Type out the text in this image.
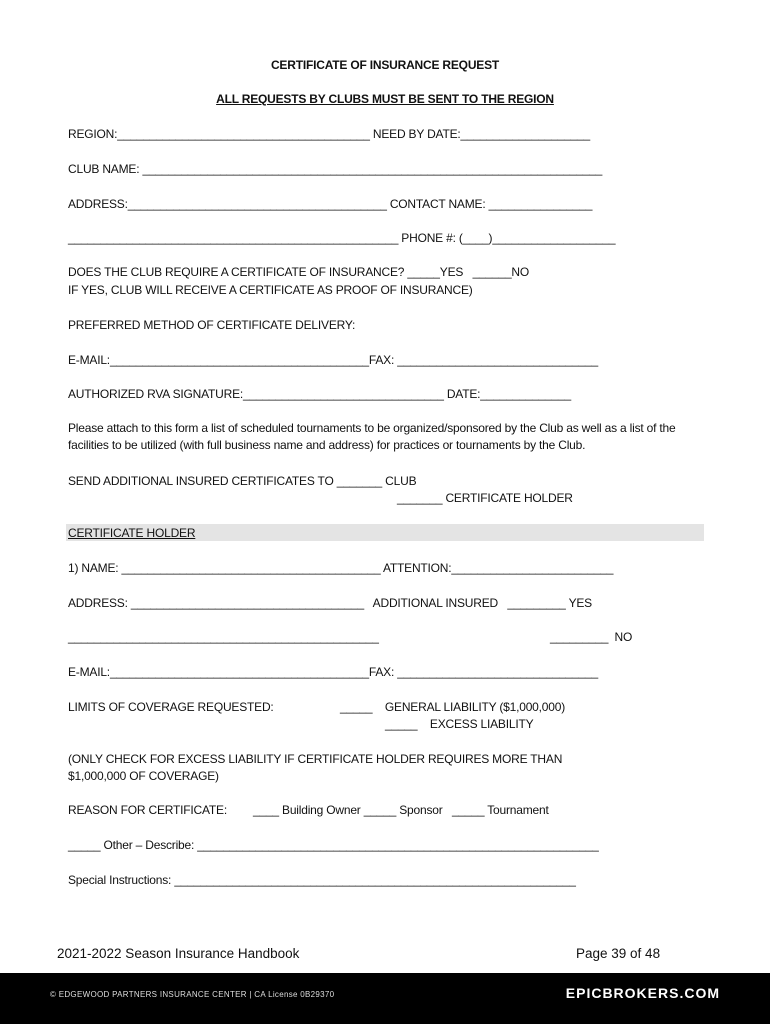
CERTIFICATE OF INSURANCE REQUEST
ALL REQUESTS BY CLUBS MUST BE SENT TO THE REGION
REGION:_______________________________________ NEED BY DATE:____________________
CLUB NAME: _______________________________________________________________________
ADDRESS:________________________________________ CONTACT NAME: ________________
___________________________________________________ PHONE #: (____)___________________
DOES THE CLUB REQUIRE A CERTIFICATE OF INSURANCE? _____YES   ______NO
IF YES, CLUB WILL RECEIVE A CERTIFICATE AS PROOF OF INSURANCE)
PREFERRED METHOD OF CERTIFICATE DELIVERY:
E-MAIL:________________________________________FAX: _______________________________
AUTHORIZED RVA SIGNATURE:_______________________________ DATE:______________
Please attach to this form a list of scheduled tournaments to be organized/sponsored by the Club as well as a list of the facilities to be utilized (with full business name and address) for practices or tournaments by the Club.
SEND ADDITIONAL INSURED CERTIFICATES TO _______ CLUB
_______ CERTIFICATE HOLDER
CERTIFICATE HOLDER
1) NAME: ________________________________________ ATTENTION:_________________________
ADDRESS: ____________________________________   ADDITIONAL INSURED   _________ YES
________________________________________________	_________  NO
E-MAIL:________________________________________FAX: _______________________________
LIMITS OF COVERAGE REQUESTED:	_____    GENERAL LIABILITY ($1,000,000)
_____    EXCESS LIABILITY
(ONLY CHECK FOR EXCESS LIABILITY IF CERTIFICATE HOLDER REQUIRES MORE THAN
$1,000,000 OF COVERAGE)
REASON FOR CERTIFICATE: ____ Building Owner _____ Sponsor   _____ Tournament
_____ Other – Describe: ______________________________________________________________
Special Instructions: ______________________________________________________________
2021-2022 Season Insurance Handbook	Page 39 of 48
© EDGEWOOD PARTNERS INSURANCE CENTER | CA License 0B29370	EPICBROKERS.COM
